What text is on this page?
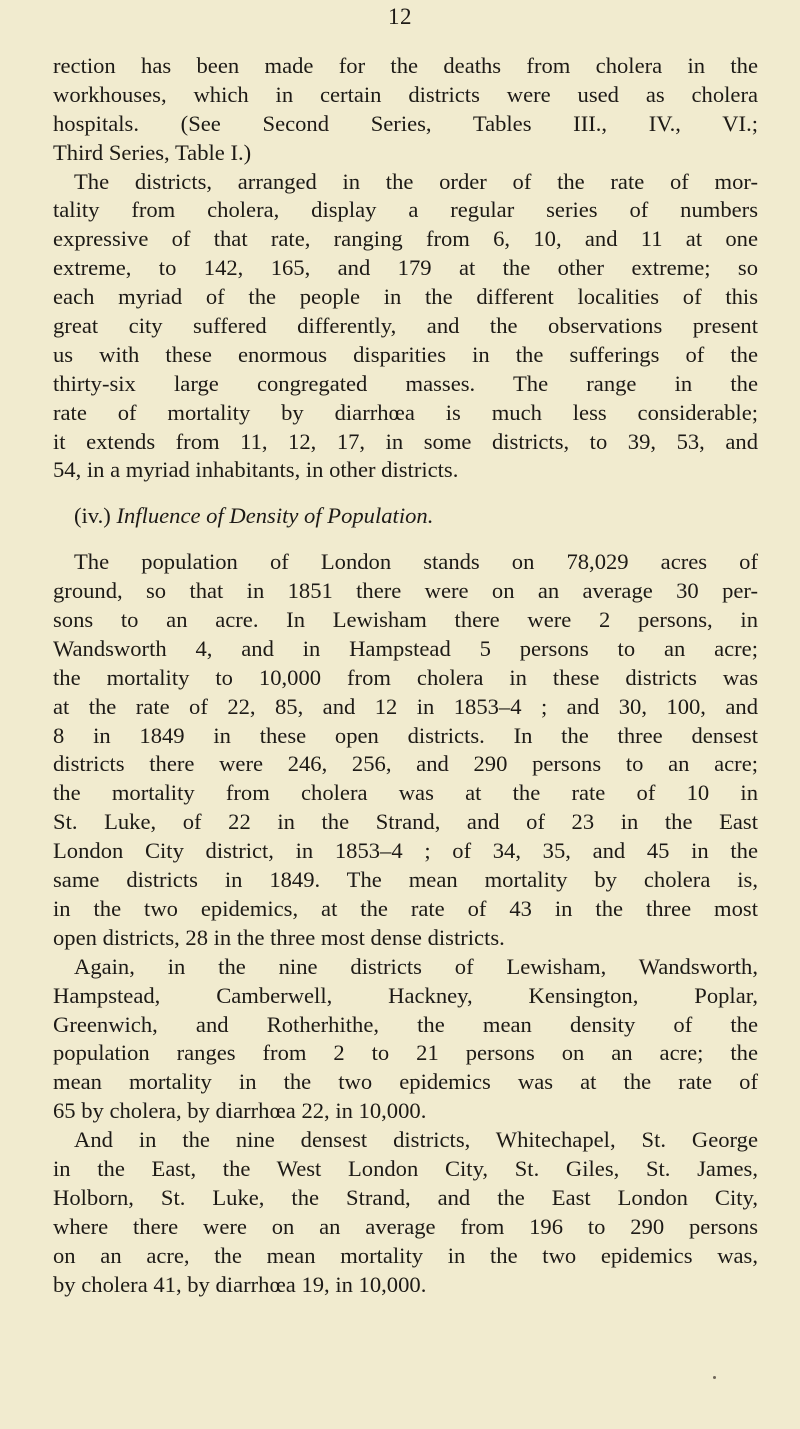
12
rection has been made for the deaths from cholera in the
workhouses, which in certain districts were used as cholera
hospitals. (See Second Series, Tables III., IV., VI.;
Third Series, Table I.)
The districts, arranged in the order of the rate of mor-
tality from cholera, display a regular series of numbers
expressive of that rate, ranging from 6, 10, and 11 at one
extreme, to 142, 165, and 179 at the other extreme; so
each myriad of the people in the different localities of this
great city suffered differently, and the observations present
us with these enormous disparities in the sufferings of the
thirty-six large congregated masses. The range in the
rate of mortality by diarrhœa is much less considerable;
it extends from 11, 12, 17, in some districts, to 39, 53, and
54, in a myriad inhabitants, in other districts.
(iv.) Influence of Density of Population.
The population of London stands on 78,029 acres of
ground, so that in 1851 there were on an average 30 per-
sons to an acre. In Lewisham there were 2 persons, in
Wandsworth 4, and in Hampstead 5 persons to an acre;
the mortality to 10,000 from cholera in these districts was
at the rate of 22, 85, and 12 in 1853–4 ; and 30, 100, and
8 in 1849 in these open districts. In the three densest
districts there were 246, 256, and 290 persons to an acre;
the mortality from cholera was at the rate of 10 in
St. Luke, of 22 in the Strand, and of 23 in the East
London City district, in 1853–4 ; of 34, 35, and 45 in the
same districts in 1849. The mean mortality by cholera is,
in the two epidemics, at the rate of 43 in the three most
open districts, 28 in the three most dense districts.
Again, in the nine districts of Lewisham, Wandsworth,
Hampstead, Camberwell, Hackney, Kensington, Poplar,
Greenwich, and Rotherhithe, the mean density of the
population ranges from 2 to 21 persons on an acre; the
mean mortality in the two epidemics was at the rate of
65 by cholera, by diarrhœa 22, in 10,000.
And in the nine densest districts, Whitechapel, St. George
in the East, the West London City, St. Giles, St. James,
Holborn, St. Luke, the Strand, and the East London City,
where there were on an average from 196 to 290 persons
on an acre, the mean mortality in the two epidemics was,
by cholera 41, by diarrhœa 19, in 10,000.
